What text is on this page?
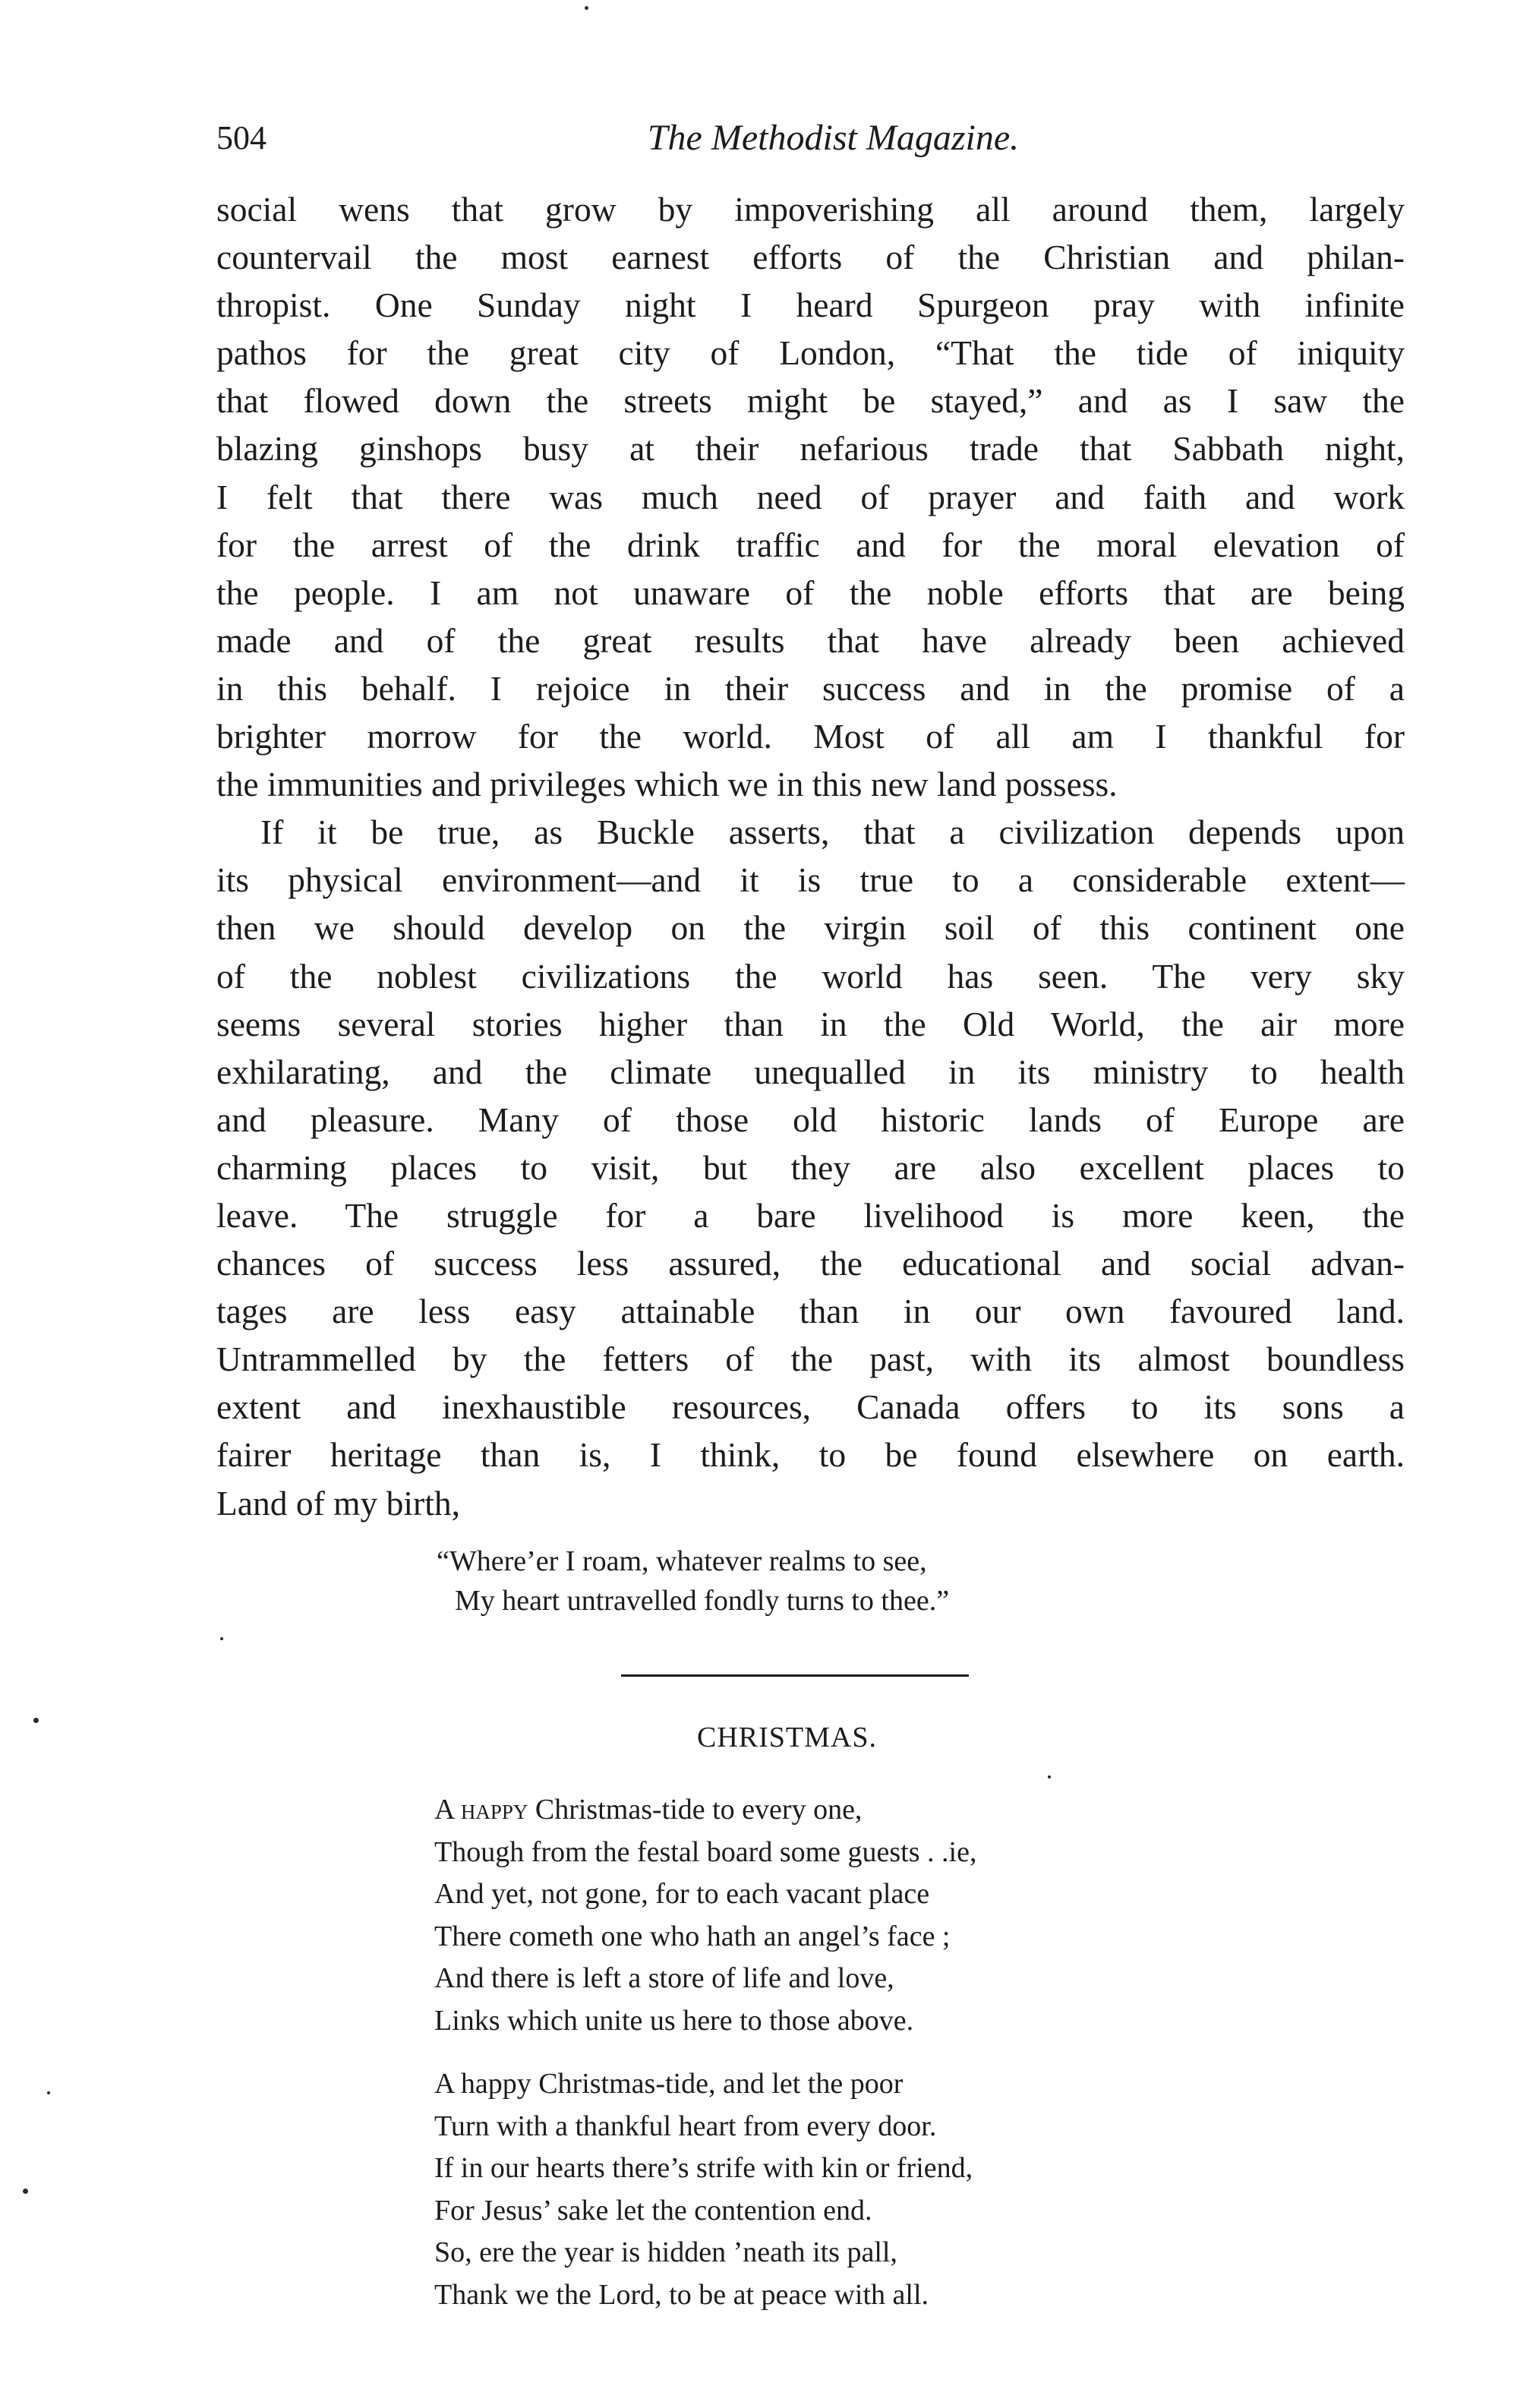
504	The Methodist Magazine.

social wens that grow by impoverishing all around them, largely

countervail the most earnest efforts of the Christian and philan-

thropist. One Sunday night I heard Spurgeon pray with infinite

pathos for the great city of London, “That the tide of iniquity

that flowed down the streets might be stayed,” and as I saw the

blazing ginshops busy at their nefarious trade that Sabbath night,

I felt that there was much need of prayer and faith and work

for the arrest of the drink traffic and for the moral elevation of

the people. I am not unaware of the noble efforts that are being

made and of the great results that have already been achieved

in this behalf. I rejoice in their success and in the promise of a

brighter morrow for the world. Most of all am I thankful for

the immunities and privileges which we in this new land possess.

If it be true, as Buckle asserts, that a civilization depends upon

its physical environment—and it is true to a considerable extent—

then we should develop on the virgin soil of this continent one

of the noblest civilizations the world has seen. The very sky

seems several stories higher than in the Old World, the air more

exhilarating, and the climate unequalled in its ministry to health

and pleasure. Many of those old historic lands of Europe are

charming places to visit, but they are also excellent places to

leave. The struggle for a bare livelihood is more keen, the

chances of success less assured, the educational and social advan-

tages are less easy attainable than in our own favoured land.

Untrammelled by the fetters of the past, with its almost boundless

extent and inexhaustible resources, Canada offers to its sons a

fairer heritage than is, I think, to be found elsewhere on earth.

Land of my birth,

“Where’er I roam, whatever realms to see,
My heart untravelled fondly turns to thee.”
CHRISTMAS.
A happy Christmas-tide to every one,
Though from the festal board some guests . .ie,
And yet, not gone, for to each vacant place
There cometh one who hath an angel’s face ;
And there is left a store of life and love,
Links which unite us here to those above.
A happy Christmas-tide, and let the poor
Turn with a thankful heart from every door.
If in our hearts there’s strife with kin or friend,
For Jesus’ sake let the contention end.
So, ere the year is hidden ’neath its pall,
Thank we the Lord, to be at peace with all.
